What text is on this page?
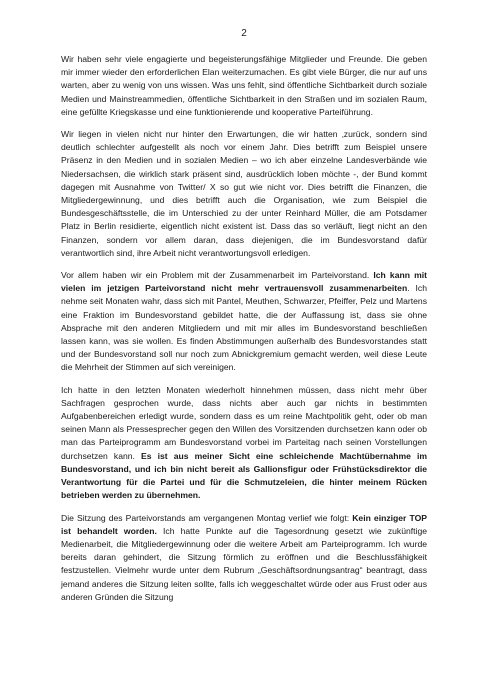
2

Wir haben sehr viele engagierte und begeisterungsfähige Mitglieder und Freunde. Die geben mir immer wieder den erforderlichen Elan weiterzumachen. Es gibt viele Bürger, die nur auf uns warten, aber zu wenig von uns wissen. Was uns fehlt, sind öffentliche Sichtbarkeit durch soziale Medien und Mainstreammedien, öffentliche Sichtbarkeit in den Straßen und im sozialen Raum, eine gefüllte Kriegskasse und eine funktionierende und kooperative Parteiführung.

Wir liegen in vielen nicht nur hinter den Erwartungen, die wir hatten ‚zurück, sondern sind deutlich schlechter aufgestellt als noch vor einem Jahr. Dies betrifft zum Beispiel unsere Präsenz in den Medien und in sozialen Medien – wo ich aber einzelne Landesverbände wie Niedersachsen, die wirklich stark präsent sind, ausdrücklich loben möchte -, der Bund kommt dagegen mit Ausnahme von Twitter/ X so gut wie nicht vor. Dies betrifft die Finanzen, die Mitgliedergewinnung, und dies betrifft auch die Organisation, wie zum Beispiel die Bundesgeschäftsstelle, die im Unterschied zu der unter Reinhard Müller, die am Potsdamer Platz in Berlin residierte, eigentlich nicht existent ist. Dass das so verläuft, liegt nicht an den Finanzen, sondern vor allem daran, dass diejenigen, die im Bundesvorstand dafür verantwortlich sind, ihre Arbeit nicht verantwortungsvoll erledigen.

Vor allem haben wir ein Problem mit der Zusammenarbeit im Parteivorstand. Ich kann mit vielen im jetzigen Parteivorstand nicht mehr vertrauensvoll zusammenarbeiten. Ich nehme seit Monaten wahr, dass sich mit Pantel, Meuthen, Schwarzer, Pfeiffer, Pelz und Martens eine Fraktion im Bundesvorstand gebildet hatte, die der Auffassung ist, dass sie ohne Absprache mit den anderen Mitgliedern und mit mir alles im Bundesvorstand beschließen lassen kann, was sie wollen. Es finden Abstimmungen außerhalb des Bundesvorstandes statt und der Bundesvorstand soll nur noch zum Abnickgremium gemacht werden, weil diese Leute die Mehrheit der Stimmen auf sich vereinigen.

Ich hatte in den letzten Monaten wiederholt hinnehmen müssen, dass nicht mehr über Sachfragen gesprochen wurde, dass nichts aber auch gar nichts in bestimmten Aufgabenbereichen erledigt wurde, sondern dass es um reine Machtpolitik geht, oder ob man seinen Mann als Pressesprecher gegen den Willen des Vorsitzenden durchsetzen kann oder ob man das Parteiprogramm am Bundesvorstand vorbei im Parteitag nach seinen Vorstellungen durchsetzen kann. Es ist aus meiner Sicht eine schleichende Machtübernahme im Bundesvorstand, und ich bin nicht bereit als Gallionsfigur oder Frühstücksdirektor die Verantwortung für die Partei und für die Schmutzeleien, die hinter meinem Rücken betrieben werden zu übernehmen.

Die Sitzung des Parteivorstands am vergangenen Montag verlief wie folgt: Kein einziger TOP ist behandelt worden. Ich hatte Punkte auf die Tagesordnung gesetzt wie zukünftige Medienarbeit, die Mitgliedergewinnung oder die weitere Arbeit am Parteiprogramm. Ich wurde bereits daran gehindert, die Sitzung förmlich zu eröffnen und die Beschlussfähigkeit festzustellen. Vielmehr wurde unter dem Rubrum „Geschäftsordnungsantrag“ beantragt, dass jemand anderes die Sitzung leiten sollte, falls ich weggeschaltet würde oder aus Frust oder aus anderen Gründen die Sitzung
